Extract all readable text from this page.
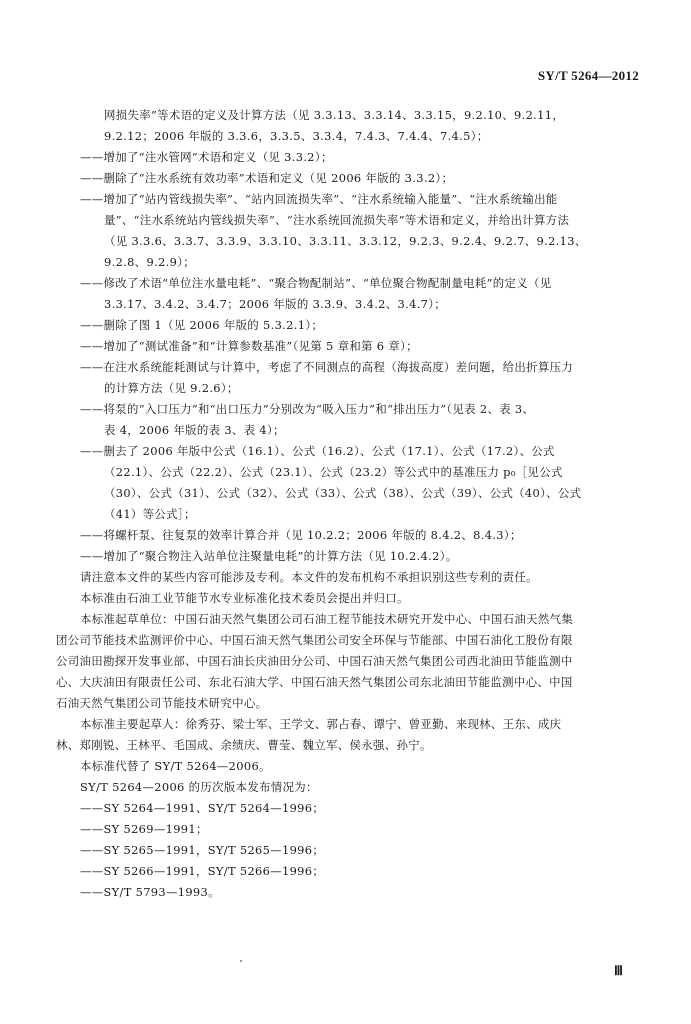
SY/T 5264—2012
网损失率”等术语的定义及计算方法（见 3.3.13、3.3.14、3.3.15，9.2.10、9.2.11，
9.2.12；2006 年版的 3.3.6，3.3.5、3.3.4，7.4.3、7.4.4、7.4.5）；
——增加了“注水管网”术语和定义（见 3.3.2）；
——删除了“注水系统有效功率”术语和定义（见 2006 年版的 3.3.2）；
——增加了“站内管线损失率”、“站内回流损失率”、“注水系统输入能量”、“注水系统输出能
量”、“注水系统站内管线损失率”、“注水系统回流损失率”等术语和定义，并给出计算方法
（见 3.3.6、3.3.7、3.3.9、3.3.10、3.3.11、3.3.12，9.2.3、9.2.4、9.2.7、9.2.13、
9.2.8、9.2.9）；
——修改了术语“单位注水量电耗”、“聚合物配制站”、“单位聚合物配制量电耗”的定义（见
3.3.17、3.4.2、3.4.7；2006 年版的 3.3.9、3.4.2、3.4.7）；
——删除了图 1（见 2006 年版的 5.3.2.1）；
——增加了“测试准备”和“计算参数基准”（见第 5 章和第 6 章）；
——在注水系统能耗测试与计算中，考虑了不同测点的高程（海拔高度）差问题，给出折算压力
的计算方法（见 9.2.6）；
——将泵的“入口压力”和“出口压力”分别改为“吸入压力”和“排出压力”（见表 2、表 3、
表 4，2006 年版的表 3、表 4）；
——删去了 2006 年版中公式（16.1）、公式（16.2）、公式（17.1）、公式（17.2）、公式
（22.1）、公式（22.2）、公式（23.1）、公式（23.2）等公式中的基准压力 p₀［见公式
（30）、公式（31）、公式（32）、公式（33）、公式（38）、公式（39）、公式（40）、公式
（41）等公式］；
——将螺杆泵、往复泵的效率计算合并（见 10.2.2；2006 年版的 8.4.2、8.4.3）；
——增加了“聚合物注入站单位注聚量电耗”的计算方法（见 10.2.4.2）。
请注意本文件的某些内容可能涉及专利。本文件的发布机构不承担识别这些专利的责任。
本标准由石油工业节能节水专业标准化技术委员会提出并归口。
本标准起草单位：中国石油天然气集团公司石油工程节能技术研究开发中心、中国石油天然气集
团公司节能技术监测评价中心、中国石油天然气集团公司安全环保与节能部、中国石油化工股份有限
公司油田勘探开发事业部、中国石油长庆油田分公司、中国石油天然气集团公司西北油田节能监测中
心、大庆油田有限责任公司、东北石油大学、中国石油天然气集团公司东北油田节能监测中心、中国
石油天然气集团公司节能技术研究中心。
本标准主要起草人：徐秀芬、梁士军、王学文、郭占春、谭宁、曾亚勤、来现林、王东、成庆
林、郑刚锐、王林平、毛国成、余绩庆、曹莹、魏立军、侯永强、孙宁。
本标准代替了 SY/T 5264—2006。
SY/T 5264—2006 的历次版本发布情况为：
——SY 5264—1991、SY/T 5264—1996；
——SY 5269—1991；
——SY 5265—1991，SY/T 5265—1996；
——SY 5266—1991，SY/T 5266—1996；
——SY/T 5793—1993。
Ⅲ
